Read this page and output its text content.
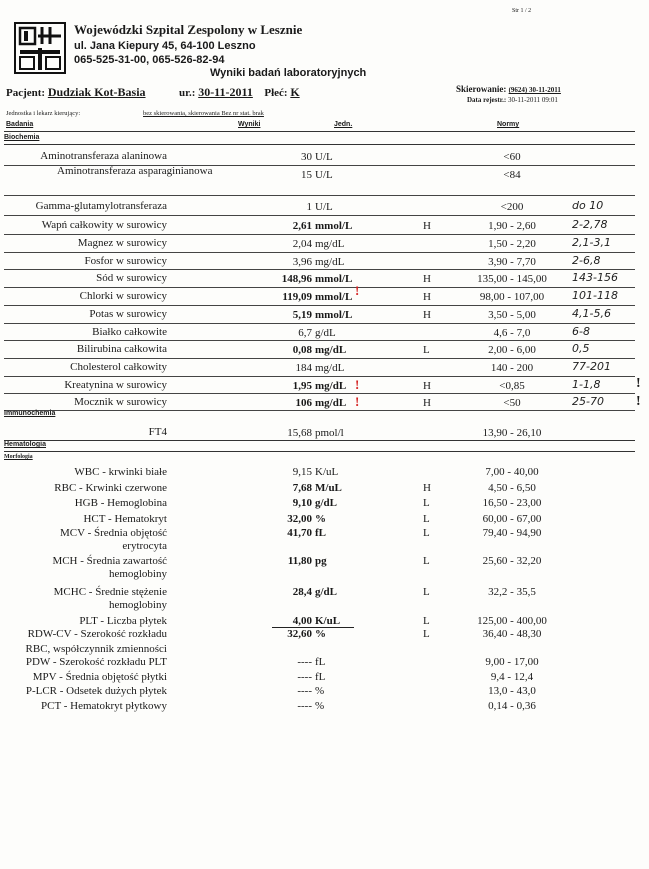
Str 1 / 2
Wojewódzki Szpital Zespolony w Lesznie
ul. Jana Kiepury 45, 64-100 Leszno
065-525-31-00, 065-526-82-94
Wyniki badań laboratoryjnych
Pacjent: Dudziak Kot-Basia	ur.: 30-11-2011 Płeć: K	Skierowanie: (9624) 30-11-2011
Data rejestr.: 30-11-2011 09:01
Jednostka i lekarz kierujący:	bez skierowania, skierowania Bez nr stat. brak
Badania	Wyniki	Jedn.	Normy
Biochemia
Aminotransferaza alaninowa	30 U/L	<60
Aminotransferaza asparaginianowa	15 U/L	<84
Gamma-glutamylotransferaza	1 U/L	<200	do 10
Wapń całkowity w surowicy	2,61 mmol/L	H	1,90 - 2,60	2-2,78
Magnez w surowicy	2,04 mg/dL	1,50 - 2,20	2,1-3,1
Fosfor w surowicy	3,96 mg/dL	3,90 - 7,70	2-6,8
Sód w surowicy	148,96 mmol/L	H	135,00 - 145,00	143-156
Chlorki w surowicy	119,09 mmol/L	H	98,00 - 107,00	101-118
Potas w surowicy	5,19 mmol/L	H	3,50 - 5,00	4,1-5,6
Białko całkowite	6,7 g/dL	4,6 - 7,0	6-8
Bilirubina całkowita	0,08 mg/dL	L	2,00 - 6,00	0,5
Cholesterol całkowity	184 mg/dL	140 - 200	77-201
Kreatynina w surowicy	1,95 mg/dL	H	<0,85	1-1,8
Mocznik w surowicy	106 mg/dL	H	<50	25-70
Immunochemia
FT4	15,68 pmol/l	13,90 - 26,10
Hematologia
Morfologia
WBC - krwinki białe	9,15 K/uL	7,00 - 40,00
RBC - Krwinki czerwone	7,68 M/uL	H	4,50 - 6,50
HGB - Hemoglobina	9,10 g/dL	L	16,50 - 23,00
HCT - Hematokryt	32,00 %	L	60,00 - 67,00
MCV - Średnia objętość erytrocyta
41,70 fL	L	79,40 - 94,90
MCH - Średnia zawartość hemoglobiny
11,80 pg	L	25,60 - 32,20
MCHC - Średnie stężenie hemoglobiny
28,4 g/dL	L	32,2 - 35,5
PLT - Liczba płytek	4,00 K/uL	L	125,00 - 400,00
RDW-CV - Szerokość rozkładu	32,60 %	L	36,40 - 48,30
RBC, współczynnik zmienności
PDW - Szerokość rozkładu PLT	---- fL	9,00 - 17,00
MPV - Średnia objętość płytki	---- fL	9,4 - 12,4
P-LCR - Odsetek dużych płytek	---- %	13,0 - 43,0
PCT - Hematokryt płytkowy	---- %	0,14 - 0,36
!
!
!
!
!
